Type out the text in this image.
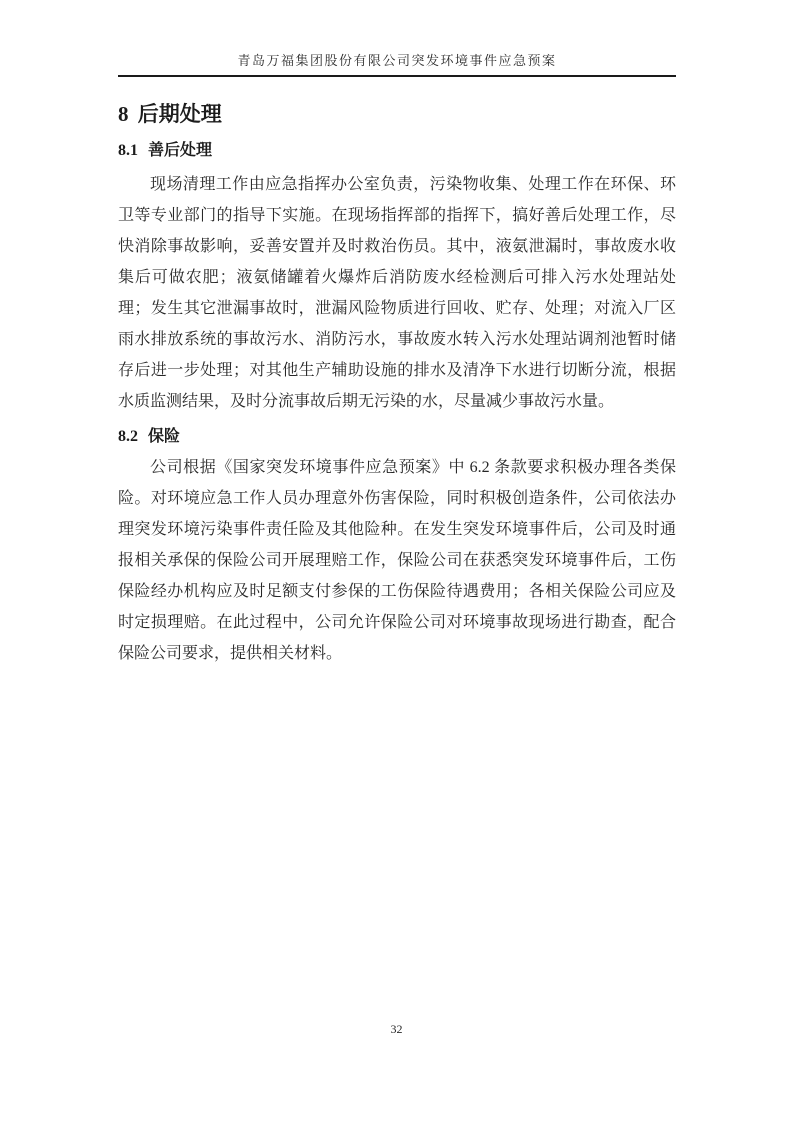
青岛万福集团股份有限公司突发环境事件应急预案
8 后期处理
8.1 善后处理

现场清理工作由应急指挥办公室负责，污染物收集、处理工作在环保、环卫等专业部门的指导下实施。在现场指挥部的指挥下，搞好善后处理工作，尽快消除事故影响，妥善安置并及时救治伤员。其中，液氨泄漏时，事故废水收集后可做农肥；液氨储罐着火爆炸后消防废水经检测后可排入污水处理站处理；发生其它泄漏事故时，泄漏风险物质进行回收、贮存、处理；对流入厂区雨水排放系统的事故污水、消防污水，事故废水转入污水处理站调剂池暂时储存后进一步处理；对其他生产辅助设施的排水及清净下水进行切断分流，根据水质监测结果，及时分流事故后期无污染的水，尽量减少事故污水量。

8.2 保险

公司根据《国家突发环境事件应急预案》中 6.2 条款要求积极办理各类保险。对环境应急工作人员办理意外伤害保险，同时积极创造条件，公司依法办理突发环境污染事件责任险及其他险种。在发生突发环境事件后，公司及时通报相关承保的保险公司开展理赔工作，保险公司在获悉突发环境事件后，工伤保险经办机构应及时足额支付参保的工伤保险待遇费用；各相关保险公司应及时定损理赔。在此过程中，公司允许保险公司对环境事故现场进行勘查，配合保险公司要求，提供相关材料。

32
